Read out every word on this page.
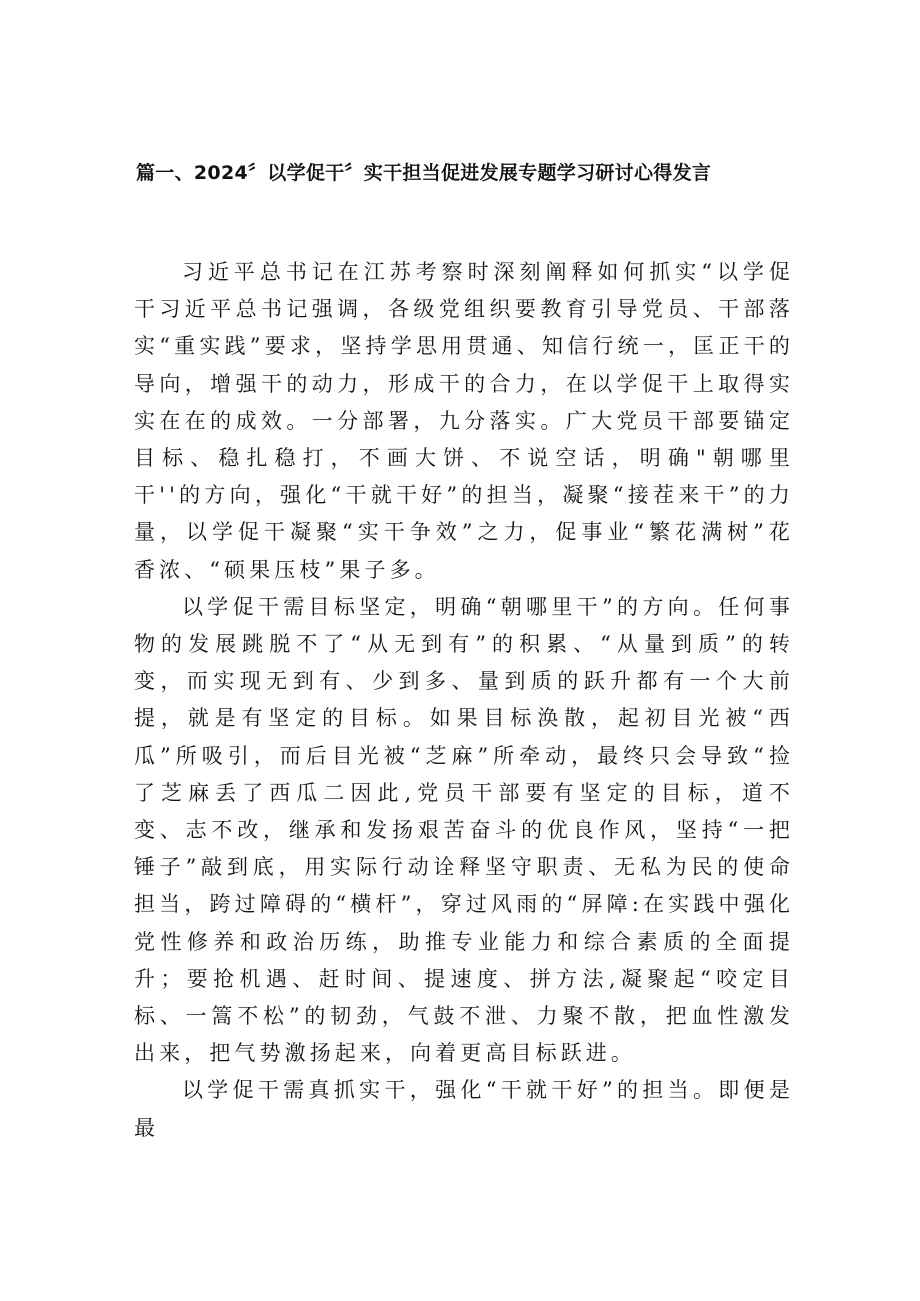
篇一、2024〞以学促干〞实干担当促进发展专题学习研讨心得发言

习近平总书记在江苏考察时深刻阐释如何抓实“以学促干习近平总书记强调，各级党组织要教育引导党员、干部落实“重实践”要求，坚持学思用贯通、知信行统一，匡正干的导向，增强干的动力，形成干的合力，在以学促干上取得实实在在的成效。一分部署，九分落实。广大党员干部要锚定目标、稳扎稳打，不画大饼、不说空话，明确"朝哪里干''的方向，强化“干就干好”的担当，凝聚“接茬来干”的力量，以学促干凝聚“实干争效”之力，促事业“繁花满树”花香浓、“硕果压枝”果子多。

以学促干需目标坚定，明确“朝哪里干”的方向。任何事物的发展跳脱不了“从无到有”的积累、“从量到质”的转变，而实现无到有、少到多、量到质的跃升都有一个大前提，就是有坚定的目标。如果目标涣散，起初目光被“西瓜”所吸引，而后目光被“芝麻”所牵动，最终只会导致“捡了芝麻丢了西瓜二因此,党员干部要有坚定的目标，道不变、志不改，继承和发扬艰苦奋斗的优良作风，坚持“一把锤子”敲到底，用实际行动诠释坚守职责、无私为民的使命担当，跨过障碍的“横杆”，穿过风雨的“屏障:在实践中强化党性修养和政治历练，助推专业能力和综合素质的全面提升；要抢机遇、赶时间、提速度、拼方法,凝聚起“咬定目标、一篙不松”的韧劲，气鼓不泄、力聚不散，把血性激发出来，把气势激扬起来，向着更高目标跃进。

以学促干需真抓实干，强化“干就干好”的担当。即便是最
